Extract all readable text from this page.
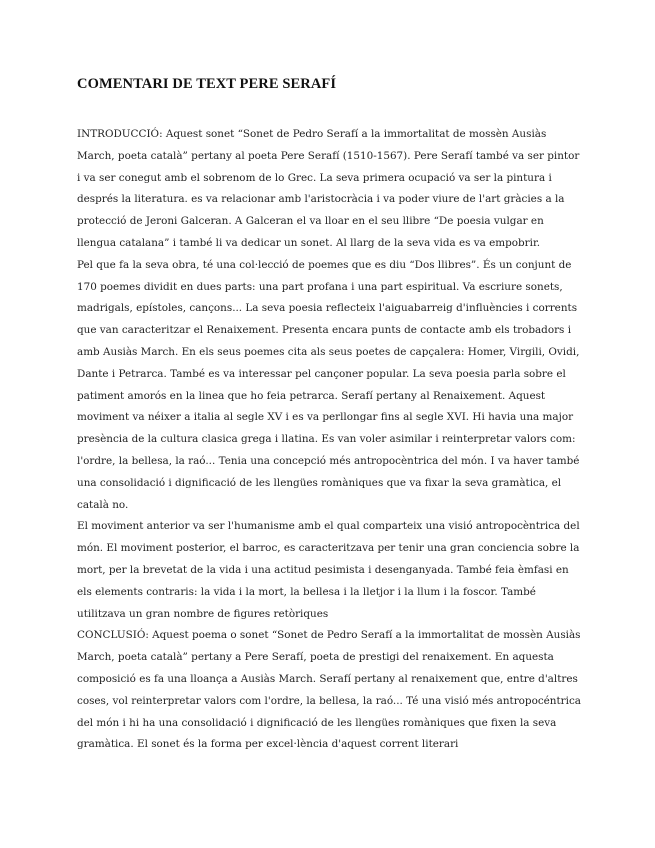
COMENTARI DE TEXT PERE SERAFÍ

INTRODUCCIÓ: Aquest sonet “Sonet de Pedro Serafí a la immortalitat de mossèn Ausiàs March, poeta català” pertany al poeta Pere Serafí (1510-1567). Pere Serafí també va ser pintor i va ser conegut amb el sobrenom de lo Grec. La seva primera ocupació va ser la pintura i després la literatura. es va relacionar amb l'aristocràcia i va poder viure de l'art gràcies a la protecció de Jeroni Galceran. A Galceran el va lloar en el seu llibre “De poesia vulgar en llengua catalana” i també li va dedicar un sonet. Al llarg de la seva vida es va empobrir.

Pel que fa la seva obra, té una col·lecció de poemes que es diu “Dos llibres”. És un conjunt de 170 poemes dividit en dues parts: una part profana i una part espiritual. Va escriure sonets, madrigals, epístoles, cançons... La seva poesia reflecteix l'aiguabarreig d'influències i corrents que van caracteritzar el Renaixement. Presenta encara punts de contacte amb els trobadors i amb Ausiàs March. En els seus poemes cita als seus poetes de capçalera: Homer, Virgili, Ovidi, Dante i Petrarca. També es va interessar pel cançoner popular. La seva poesia parla sobre el patiment amorós en la linea que ho feia petrarca. Serafí pertany al Renaixement. Aquest moviment va néixer a italia al segle XV i es va perllongar fins al segle XVI. Hi havia una major presència de la cultura clasica grega i llatina. Es van voler asimilar i reinterpretar valors com: l'ordre, la bellesa, la raó... Tenia una concepció més antropocèntrica del món. I va haver també una consolidació i dignificació de les llengües romàniques que va fixar la seva gramàtica, el català no.

El moviment anterior va ser l'humanisme amb el qual comparteix una visió antropocèntrica del món. El moviment posterior, el barroc, es caracteritzava per tenir una gran conciencia sobre la mort, per la brevetat de la vida i una actitud pesimista i desenganyada. També feia èmfasi en els elements contraris: la vida i la mort, la bellesa i la lletjor i la llum i la foscor. També utilitzava un gran nombre de figures retòriques

CONCLUSIÓ: Aquest poema o sonet “Sonet de Pedro Serafí a la immortalitat de mossèn Ausiàs March, poeta català” pertany a Pere Serafí, poeta de prestigi del renaixement. En aquesta composició es fa una lloança a Ausiàs March. Serafí pertany al renaixement que, entre d'altres coses, vol reinterpretar valors com l'ordre, la bellesa, la raó... Té una visió més antropocéntrica del món i hi ha una consolidació i dignificació de les llengües romàniques que fixen la seva gramàtica. El sonet és la forma per excel·lència d'aquest corrent literari
